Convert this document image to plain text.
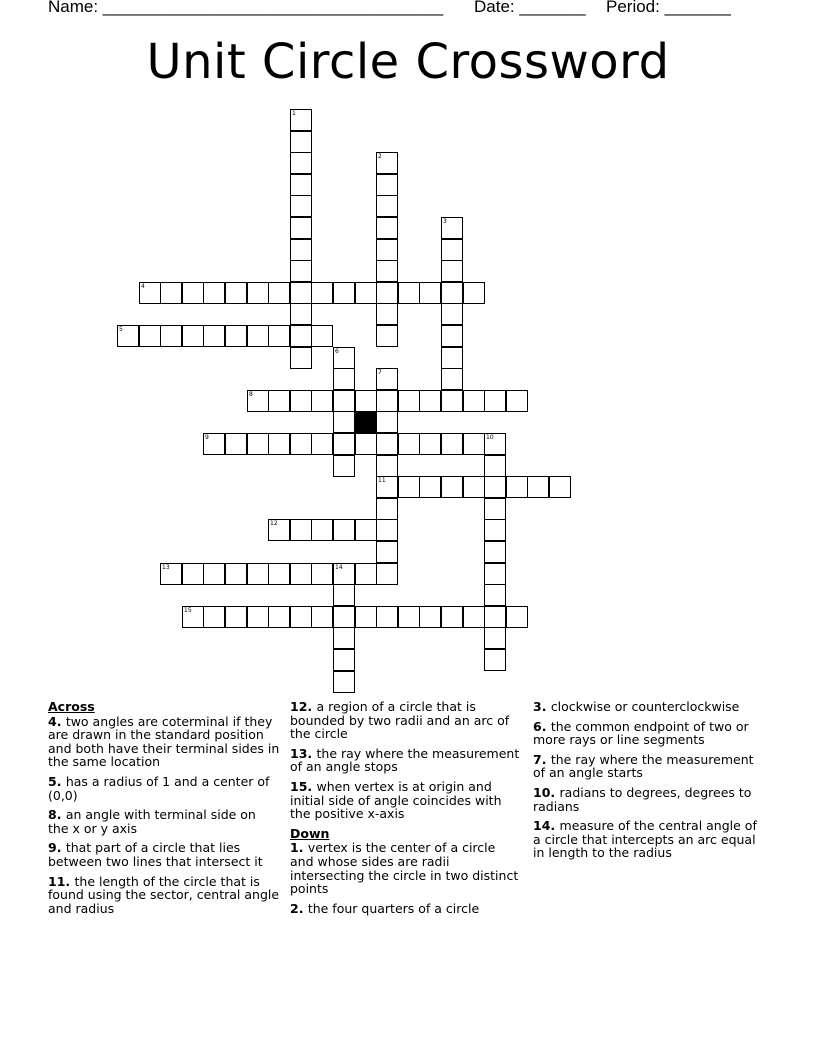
Name: ____________________________________ Date: _______ Period: _______
Unit Circle Crossword
1
2
3
4
5
6
7
11
8
9	10
12
13	14
15
Across
4. two angles are coterminal if they are drawn in the standard position and both have their terminal sides in the same location
5. has a radius of 1 and a center of (0,0)
8. an angle with terminal side on the x or y axis
9. that part of a circle that lies between two lines that intersect it
11. the length of the circle that is found using the sector, central angle and radius
12. a region of a circle that is bounded by two radii and an arc of the circle
13. the ray where the measurement of an angle stops
15. when vertex is at origin and initial side of angle coincides with the positive x-axis
Down
1. vertex is the center of a circle and whose sides are radii intersecting the circle in two distinct points
2. the four quarters of a circle
3. clockwise or counterclockwise
6. the common endpoint of two or more rays or line segments
7. the ray where the measurement of an angle starts
10. radians to degrees, degrees to radians
14. measure of the central angle of a circle that intercepts an arc equal in length to the radius
